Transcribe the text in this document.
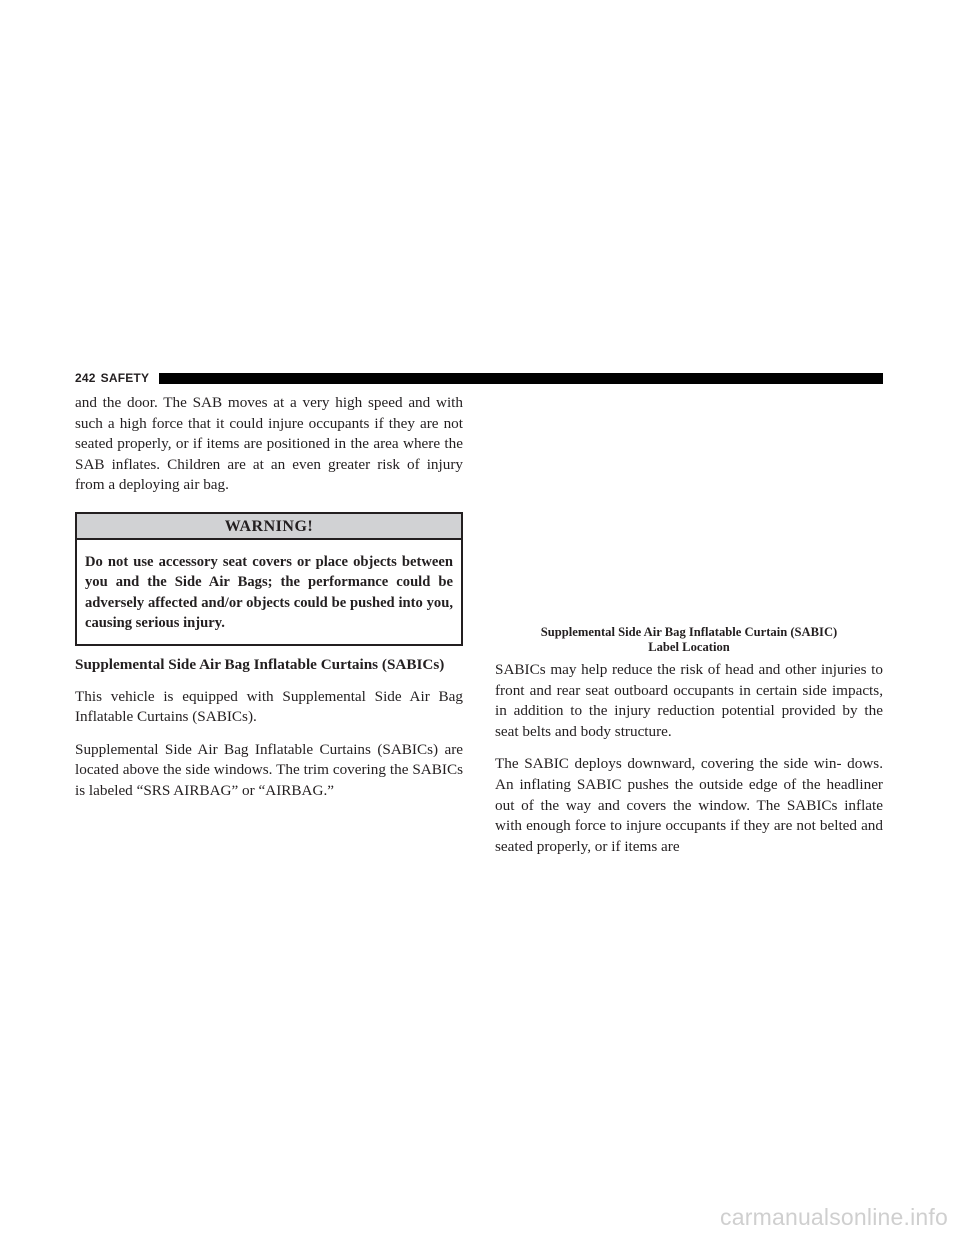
242 SAFETY

and the door. The SAB moves at a very high speed and with such a high force that it could injure occupants if they are not seated properly, or if items are positioned in the area where the SAB inflates. Children are at an even greater risk of injury from a deploying air bag.

WARNING!
Do not use accessory seat covers or place objects between you and the Side Air Bags; the performance could be adversely affected and/or objects could be pushed into you, causing serious injury.
Supplemental Side Air Bag Inflatable Curtains (SABICs)

This vehicle is equipped with Supplemental Side Air Bag Inflatable Curtains (SABICs).

Supplemental Side Air Bag Inflatable Curtains (SABICs) are located above the side windows. The trim covering the SABICs is labeled “SRS AIRBAG” or “AIRBAG.”

Supplemental Side Air Bag Inflatable Curtain (SABIC)
Label Location

SABICs may help reduce the risk of head and other injuries to front and rear seat outboard occupants in certain side impacts, in addition to the injury reduction potential provided by the seat belts and body structure.

The SABIC deploys downward, covering the side win- dows. An inflating SABIC pushes the outside edge of the headliner out of the way and covers the window. The SABICs inflate with enough force to injure occupants if they are not belted and seated properly, or if items are

carmanualsonline.info
